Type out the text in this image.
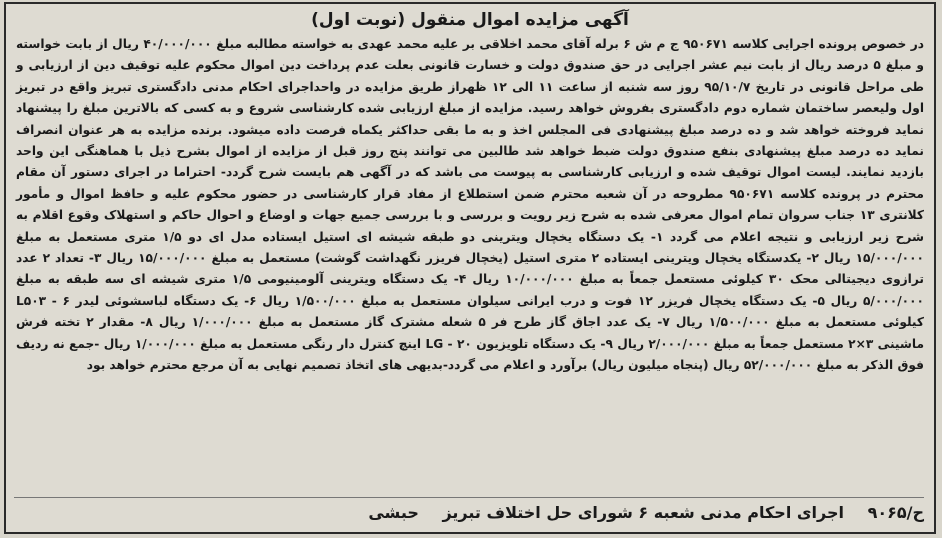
آگهی مزایده اموال منقول (نوبت اول)
در خصوص پرونده اجرایی کلاسه ۹۵۰۶۷۱ ج م ش ۶ برله آقای محمد اخلاقی بر علیه محمد عهدی به خواسته مطالبه مبلغ ۴۰/۰۰۰/۰۰۰ ریال از بابت خواسته و مبلغ ۵ درصد ریال از بابت نیم عشر اجرایی در حق صندوق دولت و خسارت قانونی بعلت عدم پرداخت دین اموال محکوم علیه توقیف دین از ارزیابی و طی مراحل قانونی در تاریخ ۹۵/۱۰/۷ روز سه شنبه از ساعت ۱۱ الی ۱۲ ظهراز طریق مزایده در واحداجرای احکام مدنی دادگستری تبریز واقع در تبریز اول ولیعصر ساختمان شماره دوم دادگستری بفروش خواهد رسید. مزایده از مبلغ ارزیابی شده کارشناسی شروع و به کسی که بالاترین مبلغ را پیشنهاد نماید فروخته خواهد شد و ده درصد مبلغ پیشنهادی فی المجلس اخذ و به ما بقی حداکثر یکماه فرصت داده میشود. برنده مزایده به هر عنوان انصراف نماید ده درصد مبلغ پیشنهادی بنفع صندوق دولت ضبط خواهد شد طالبین می توانند پنج روز قبل از مزایده از اموال بشرح ذیل با هماهنگی این واحد بازدید نمایند. لیست اموال توقیف شده و ارزیابی کارشناسی به پیوست می باشد که در آگهی هم بایست شرح گردد- احتراما در اجرای دستور آن مقام محترم در پرونده کلاسه ۹۵۰۶۷۱ مطروحه در آن شعبه محترم ضمن استطلاع از مفاد قرار کارشناسی در حضور محکوم علیه و حافظ اموال و مأمور کلانتری ۱۳ جناب سروان تمام اموال معرفی شده به شرح زیر رویت و بررسی و با بررسی جمیع جهات و اوضاع و احوال حاکم و استهلاک وقوع اقلام به شرح زیر ارزیابی و نتیجه اعلام می گردد ۱- یک دستگاه یخچال ویترینی دو طبقه شیشه ای استیل ایستاده مدل ای دو ۱/۵ متری مستعمل به مبلغ ۱۵/۰۰۰/۰۰۰ ریال ۲- یکدستگاه یخچال ویترینی ایستاده ۲ متری استیل (یخچال فریزر نگهداشت گوشت) مستعمل به مبلغ ۱۵/۰۰۰/۰۰۰ ریال ۳- تعداد ۲ عدد ترازوی دیجیتالی محک ۳۰ کیلوئی مستعمل جمعاً به مبلغ ۱۰/۰۰۰/۰۰۰ ریال ۴- یک دستگاه ویترینی آلومینیومی ۱/۵ متری شیشه ای سه طبقه به مبلغ ۵/۰۰۰/۰۰۰ ریال ۵- یک دستگاه یخچال فریزر ۱۲ فوت و درب ایرانی سیلوان مستعمل به مبلغ ۱/۵۰۰/۰۰۰ ریال ۶- یک دستگاه لباسشوئی لیدر L۵۰۳ - ۶ کیلوئی مستعمل به مبلغ ۱/۵۰۰/۰۰۰ ریال ۷- یک عدد اجاق گاز طرح فر ۵ شعله مشترک گاز مستعمل به مبلغ ۱/۰۰۰/۰۰۰ ریال ۸- مقدار ۲ تخته فرش ماشینی ۳×۲ مستعمل جمعاً به مبلغ ۲/۰۰۰/۰۰۰ ریال ۹- یک دستگاه تلویزیون LG - ۲۰ اینچ کنترل دار رنگی مستعمل به مبلغ ۱/۰۰۰/۰۰۰ ریال -جمع نه ردیف فوق الذکر به مبلغ ۵۲/۰۰۰/۰۰۰ ریال (پنجاه میلیون ریال) برآورد و اعلام می گردد-بدیهی های اتخاذ تصمیم نهایی به آن مرجع محترم خواهد بود
ح/۹۰۶۵ اجرای احکام مدنی شعبه ۶ شورای حل اختلاف تبریز حبشی
